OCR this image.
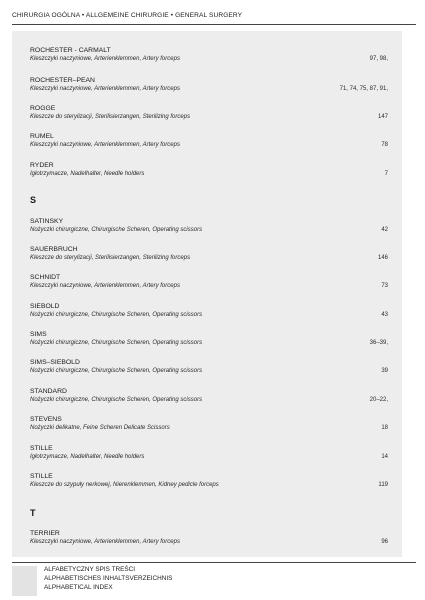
CHIRURGIA OGÓLNA • ALLGEMEINE CHIRURGIE • GENERAL SURGERY
ROCHESTER - CARMALT
Kleszczyki naczyniowe, Arterienklemmen, Artery forceps	97, 98,
ROCHESTER–PEAN
Kleszczyki naczyniowe, Arterienklemmen, Artery forceps	71, 74, 75, 87, 91,
ROGGE
Kleszcze do sterylizacji, Sterilisierzangen, Sterilizing forceps	147
RUMEL
Kleszczyki naczyniowe, Arterienklemmen, Artery forceps	78
RYDER
Igłotrzymacze, Nadelhalter, Needle holders	7
S
SATINSKY
Nożyczki chirurgiczne, Chirurgische Scheren, Operating scissors	42
SAUERBRUCH
Kleszcze do sterylizacji, Sterilisierzangen, Sterilizing forceps	146
SCHNIDT
Kleszczyki naczyniowe, Arterienklemmen, Artery forceps	73
SIEBOLD
Nożyczki chirurgiczne, Chirurgische Scheren, Operating scissors	43
SIMS
Nożyczki chirurgiczne, Chirurgische Scheren, Operating scissors	36–39,
SIMS–SIEBOLD
Nożyczki chirurgiczne, Chirurgische Scheren, Operating scissors	39
STANDARD
Nożyczki chirurgiczne, Chirurgische Scheren, Operating scissors	20–22,
STEVENS
Nożyczki delikatne, Feine Scheren Delicate Scissors	18
STILLE
Igłotrzymacze, Nadelhalter, Needle holders	14
STILLE
Kleszcze do szypuły nerkowej, Nierenklemmen, Kidney pedicle forceps	119
T
TERRIER
Kleszczyki naczyniowe, Arterienklemmen, Artery forceps	96
ALFABETYCZNY SPIS TREŚCI
ALPHABETISCHES INHALTSVERZEICHNIS
ALPHABETICAL INDEX
